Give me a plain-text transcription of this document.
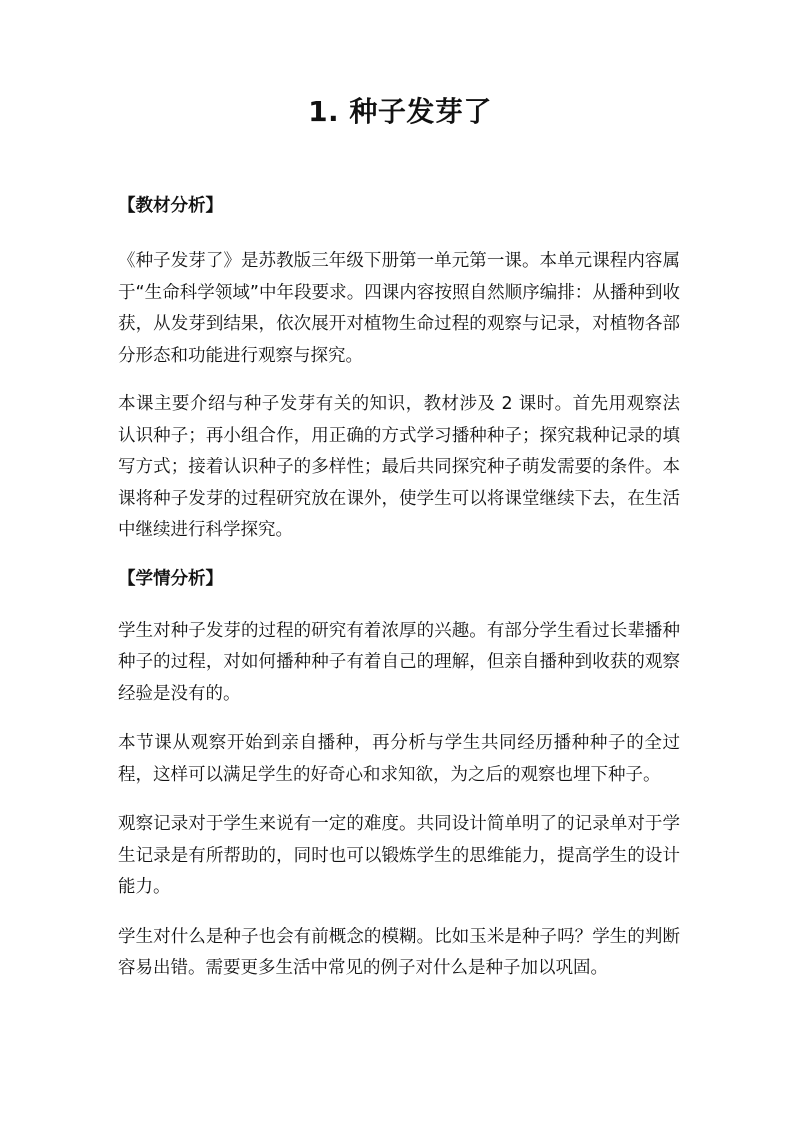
1. 种子发芽了
【教材分析】

《种子发芽了》是苏教版三年级下册第一单元第一课。本单元课程内容属于“生命科学领域”中年段要求。四课内容按照自然顺序编排：从播种到收获，从发芽到结果，依次展开对植物生命过程的观察与记录，对植物各部分形态和功能进行观察与探究。

本课主要介绍与种子发芽有关的知识，教材涉及 2 课时。首先用观察法认识种子；再小组合作，用正确的方式学习播种种子；探究栽种记录的填写方式；接着认识种子的多样性；最后共同探究种子萌发需要的条件。本课将种子发芽的过程研究放在课外，使学生可以将课堂继续下去，在生活中继续进行科学探究。

【学情分析】

学生对种子发芽的过程的研究有着浓厚的兴趣。有部分学生看过长辈播种种子的过程，对如何播种种子有着自己的理解，但亲自播种到收获的观察经验是没有的。

本节课从观察开始到亲自播种，再分析与学生共同经历播种种子的全过程，这样可以满足学生的好奇心和求知欲，为之后的观察也埋下种子。

观察记录对于学生来说有一定的难度。共同设计简单明了的记录单对于学生记录是有所帮助的，同时也可以锻炼学生的思维能力，提高学生的设计能力。

学生对什么是种子也会有前概念的模糊。比如玉米是种子吗？学生的判断容易出错。需要更多生活中常见的例子对什么是种子加以巩固。
